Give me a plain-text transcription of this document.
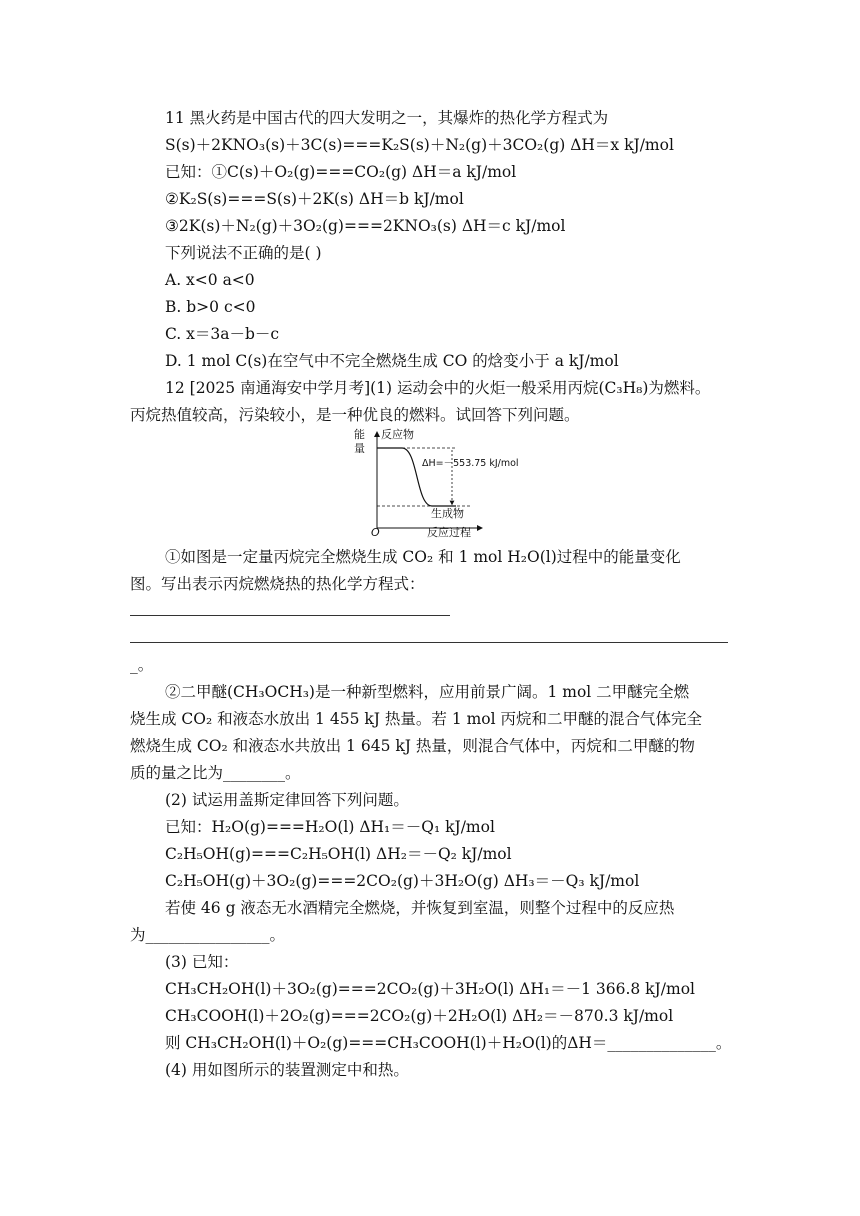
11 黑火药是中国古代的四大发明之一，其爆炸的热化学方程式为
S(s)＋2KNO₃(s)＋3C(s)===K₂S(s)＋N₂(g)＋3CO₂(g) ΔH＝x kJ/mol
已知：①C(s)＋O₂(g)===CO₂(g) ΔH＝a kJ/mol
②K₂S(s)===S(s)＋2K(s) ΔH＝b kJ/mol
③2K(s)＋N₂(g)＋3O₂(g)===2KNO₃(s) ΔH＝c kJ/mol
下列说法不正确的是( )
A. x<0 a<0
B. b>0 c<0
C. x＝3a－b－c
D. 1 mol C(s)在空气中不完全燃烧生成 CO 的焓变小于 a kJ/mol
12 [2025 南通海安中学月考](1) 运动会中的火炬一般采用丙烷(C₃H₈)为燃料。
丙烷热值较高，污染较小，是一种优良的燃料。试回答下列问题。
能
量
反应物
ΔH=－553.75 kJ/mol
生成物
O	反应过程
①如图是一定量丙烷完全燃烧生成 CO₂ 和 1 mol H₂O(l)过程中的能量变化
图。写出表示丙烷燃烧热的热化学方程式：
_。
②二甲醚(CH₃OCH₃)是一种新型燃料，应用前景广阔。1 mol 二甲醚完全燃
烧生成 CO₂ 和液态水放出 1 455 kJ 热量。若 1 mol 丙烷和二甲醚的混合气体完全
燃烧生成 CO₂ 和液态水共放出 1 645 kJ 热量，则混合气体中，丙烷和二甲醚的物
质的量之比为________。
(2) 试运用盖斯定律回答下列问题。
已知：H₂O(g)===H₂O(l) ΔH₁＝－Q₁ kJ/mol
C₂H₅OH(g)===C₂H₅OH(l) ΔH₂＝－Q₂ kJ/mol
C₂H₅OH(g)＋3O₂(g)===2CO₂(g)＋3H₂O(g) ΔH₃＝－Q₃ kJ/mol
若使 46 g 液态无水酒精完全燃烧，并恢复到室温，则整个过程中的反应热
为________________。
(3) 已知：
CH₃CH₂OH(l)＋3O₂(g)===2CO₂(g)＋3H₂O(l) ΔH₁＝－1 366.8 kJ/mol
CH₃COOH(l)＋2O₂(g)===2CO₂(g)＋2H₂O(l) ΔH₂＝－870.3 kJ/mol
则 CH₃CH₂OH(l)＋O₂(g)===CH₃COOH(l)＋H₂O(l)的ΔH＝______________。
(4) 用如图所示的装置测定中和热。
